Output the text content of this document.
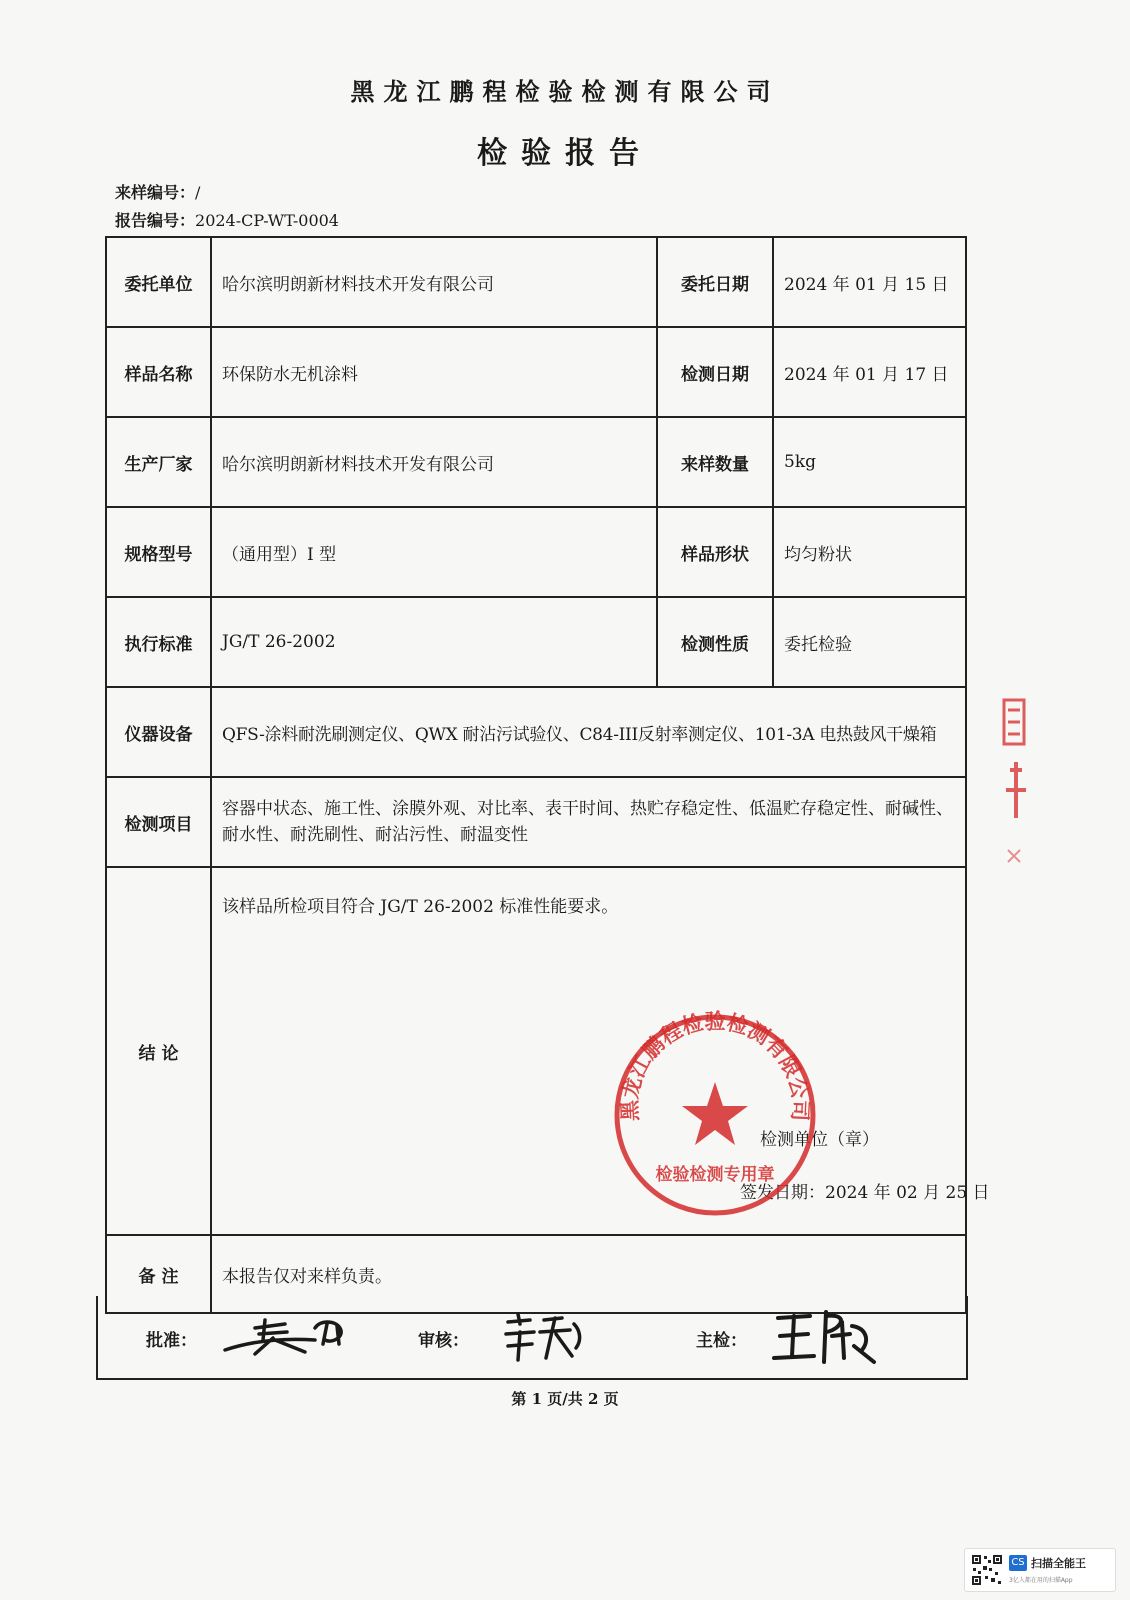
黑龙江鹏程检验检测有限公司
检验报告
来样编号：/
报告编号：2024-CP-WT-0004
委托单位	哈尔滨明朗新材料技术开发有限公司	委托日期	2024 年 01 月 15 日
样品名称	环保防水无机涂料	检测日期	2024 年 01 月 17 日
生产厂家	哈尔滨明朗新材料技术开发有限公司	来样数量	5kg
规格型号	（通用型）I 型	样品形状	均匀粉状
执行标准	JG/T 26-2002	检测性质	委托检验
仪器设备	QFS-涂料耐洗刷测定仪、QWX 耐沾污试验仪、C84-III反射率测定仪、101-3A 电热鼓风干燥箱		
检测项目	容器中状态、施工性、涂膜外观、对比率、表干时间、热贮存稳定性、低温贮存稳定性、耐碱性、耐水性、耐洗刷性、耐沾污性、耐温变性		
结 论	该样品所检项目符合 JG/T 26-2002 标准性能要求。		

备 注	本报告仅对来样负责。		
检测单位（章）
签发日期：2024 年 02 月 25 日
黑龙江鹏程检验检测有限公司
检验检测专用章
批准：	审核：	主检：
第 1 页/共 2 页
CS 扫描全能王
3亿人都在用的扫描App
